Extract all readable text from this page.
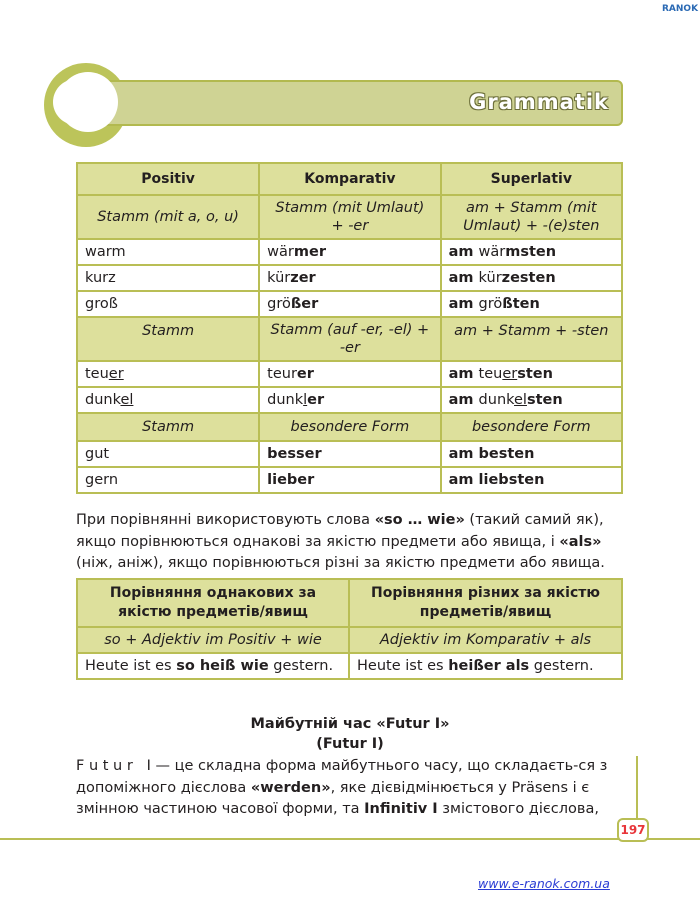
RANOK
Grammatik
Positiv	Komparativ	Superlativ
Stamm (mit a, o, u)	Stamm (mit Umlaut) + -er	am + Stamm (mit Umlaut) + -(e)sten
warm	wärmer	am wärmsten
kurz	kürzer	am kürzesten
groß	größer	am größten
Stamm	Stamm (auf -er, -el) + -er	am + Stamm + -sten
teuer	teurer	am teuersten
dunkel	dunkler	am dunkelsten
Stamm	besondere Form	besondere Form
gut	besser	am besten
gern	lieber	am liebsten
При порівнянні використовують слова «so … wie» (такий самий як), якщо порівнюються однакові за якістю предмети або явища, і «als» (ніж, аніж), якщо порівнюються різні за якістю предмети або явища.
Порівняння однакових за якістю предметів/явищ	Порівняння різних за якістю предметів/явищ
so + Adjektiv im Positiv + wie	Adjektiv im Komparativ + als
Heute ist es so heiß wie gestern.	Heute ist es heißer als gestern.
Майбутній час «Futur I»
(Futur I)
F u t u r   I — це складна форма майбутнього часу, що складаєть-ся з допоміжного дієслова «werden», яке дієвідмінюється у Präsens і є змінною частиною часової форми, та Infinitiv I змістового дієслова,
197
www.e-ranok.com.ua
